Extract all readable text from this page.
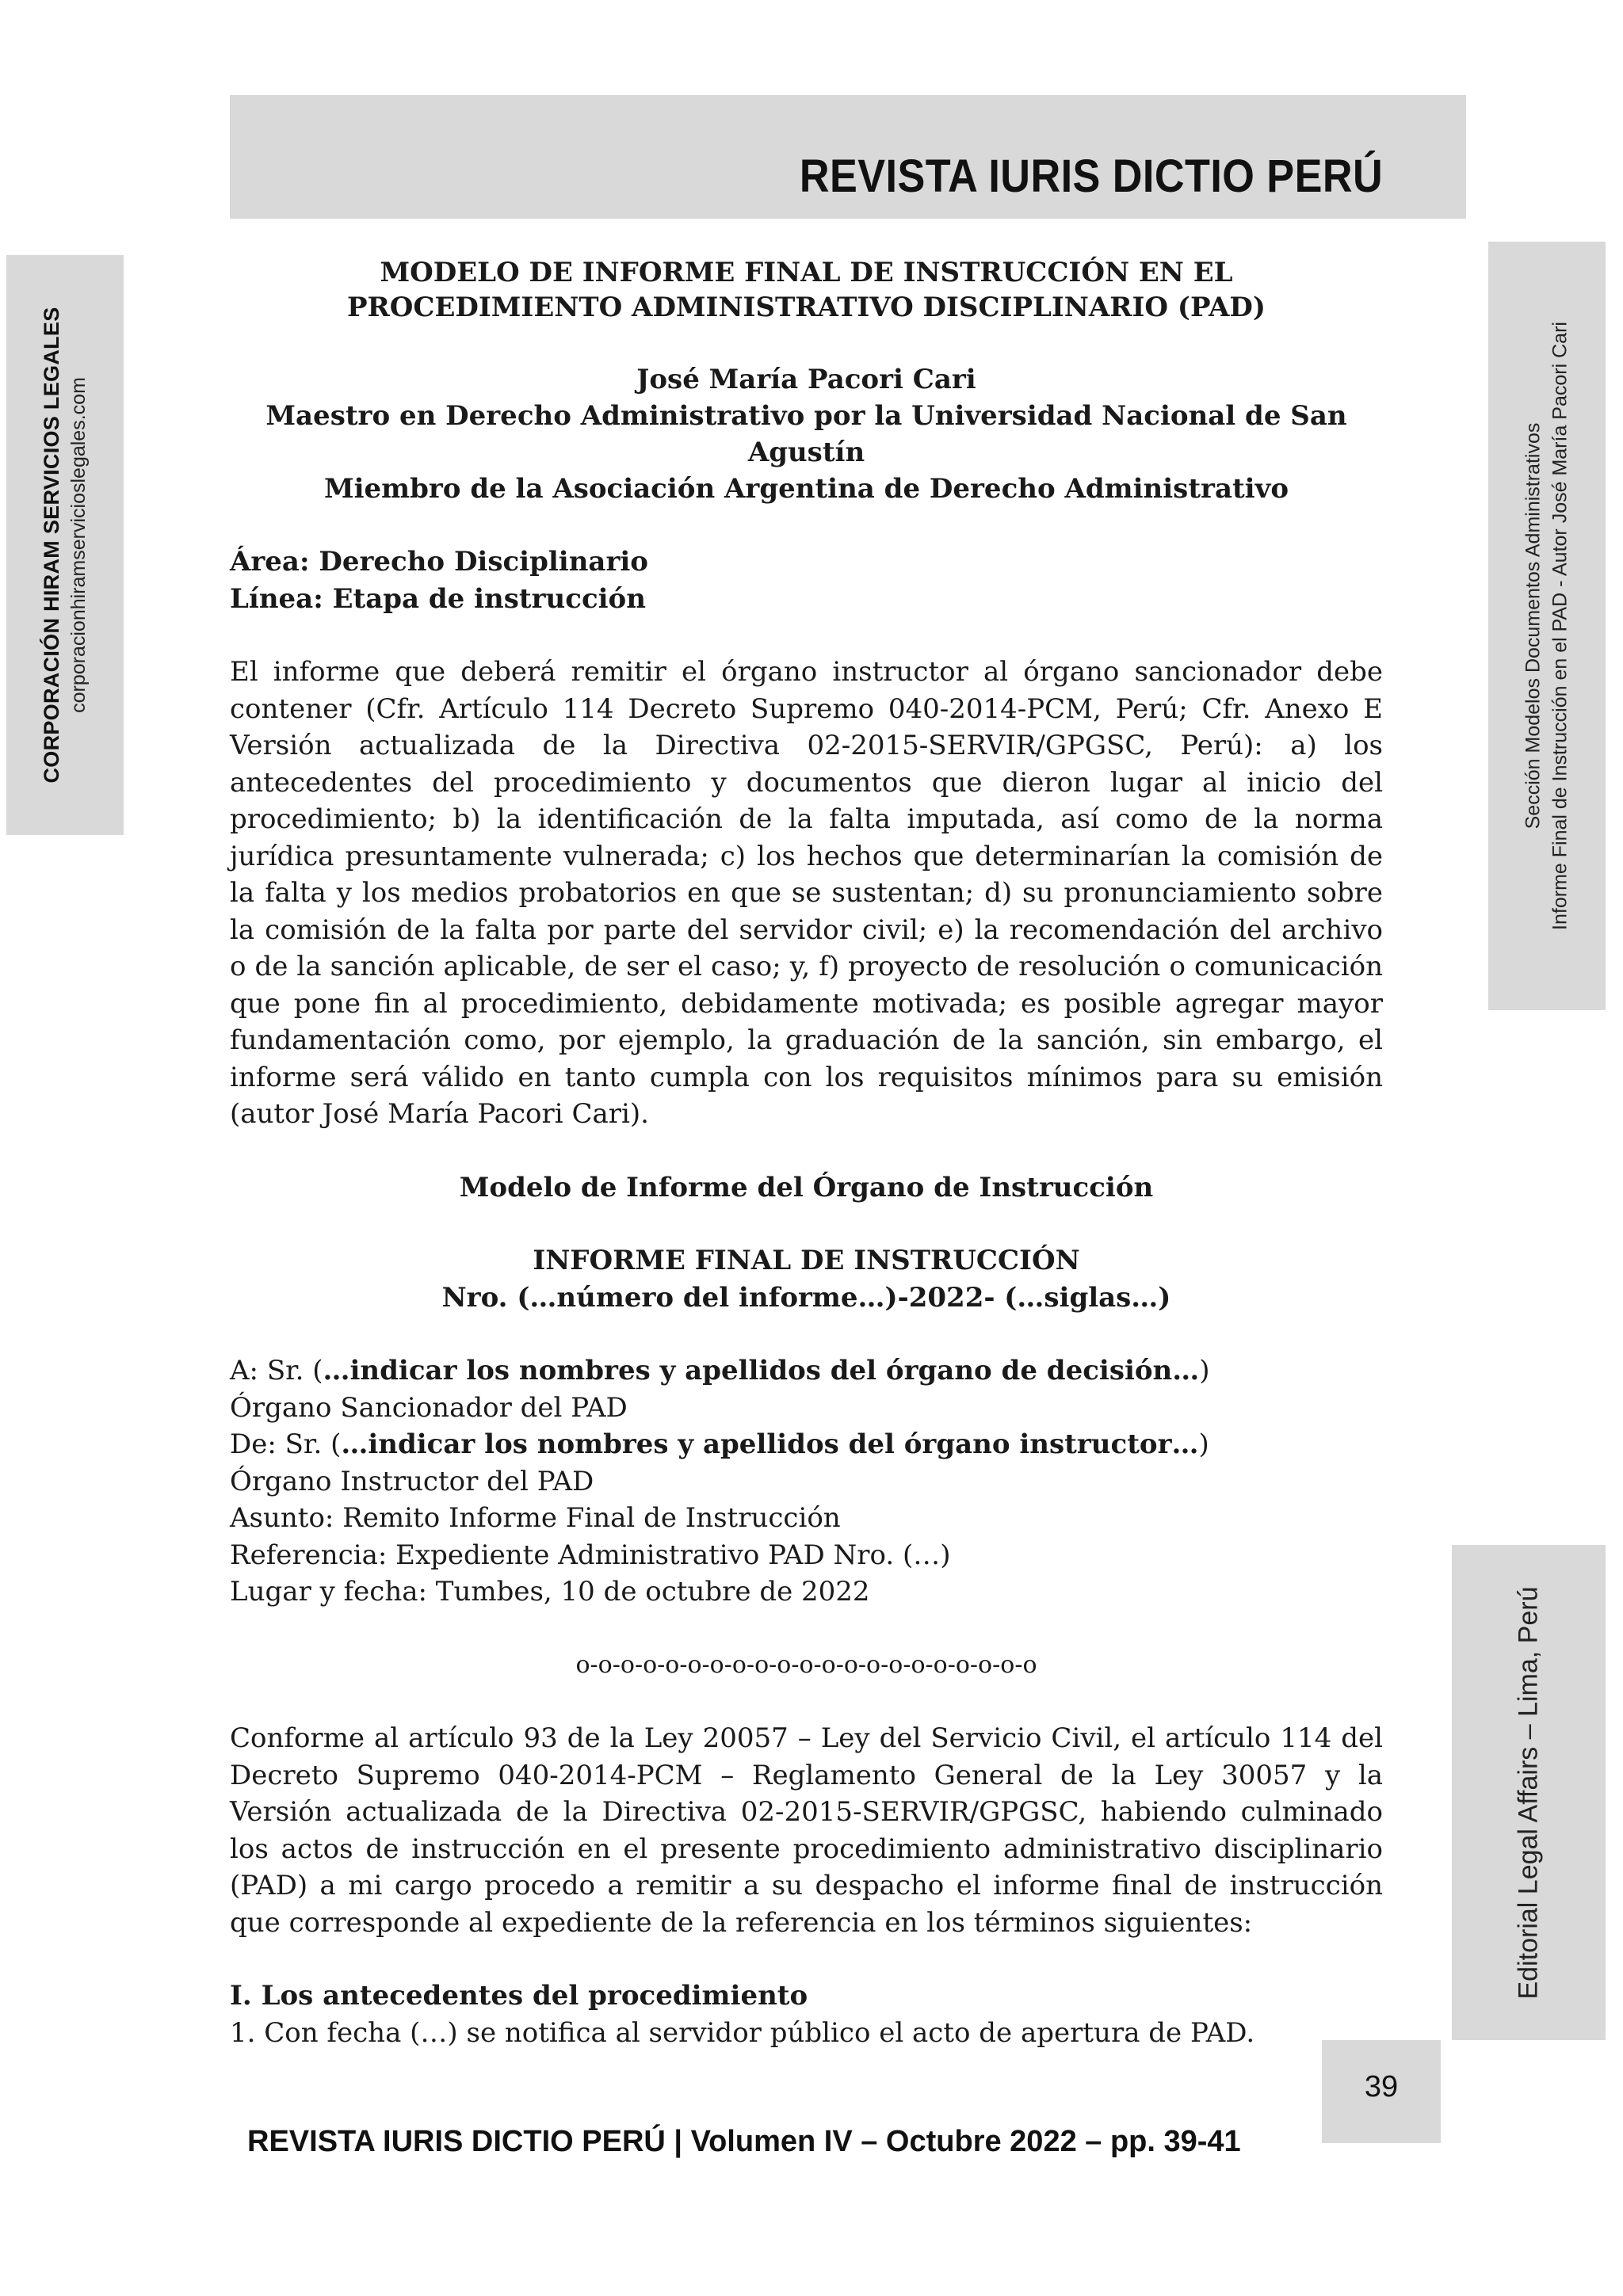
REVISTA IURIS DICTIO PERÚ
CORPORACIÓN HIRAM SERVICIOS LEGALES corporacionhiramservicioslegales.com	Sección Modelos Documentos Administrativos Informe Final de Instrucción en el PAD - Autor José María Pacori Cari
Editorial Legal Affairs – Lima, Perú
MODELO DE INFORME FINAL DE INSTRUCCIÓN EN EL
PROCEDIMIENTO ADMINISTRATIVO DISCIPLINARIO (PAD)
José María Pacori Cari
Maestro en Derecho Administrativo por la Universidad Nacional de San Agustín
Miembro de la Asociación Argentina de Derecho Administrativo
Área: Derecho Disciplinario
Línea: Etapa de instrucción

El informe que deberá remitir el órgano instructor al órgano sancionador debe contener (Cfr. Artículo 114 Decreto Supremo 040-2014-PCM, Perú; Cfr. Anexo E Versión actualizada de la Directiva 02-2015-SERVIR/GPGSC, Perú): a) los antecedentes del procedimiento y documentos que dieron lugar al inicio del procedimiento; b) la identificación de la falta imputada, así como de la norma jurídica presuntamente vulnerada; c) los hechos que determinarían la comisión de la falta y los medios probatorios en que se sustentan; d) su pronunciamiento sobre la comisión de la falta por parte del servidor civil; e) la recomendación del archivo o de la sanción aplicable, de ser el caso; y, f) proyecto de resolución o comunicación que pone fin al procedimiento, debidamente motivada; es posible agregar mayor fundamentación como, por ejemplo, la graduación de la sanción, sin embargo, el informe será válido en tanto cumpla con los requisitos mínimos para su emisión (autor José María Pacori Cari).

Modelo de Informe del Órgano de Instrucción
INFORME FINAL DE INSTRUCCIÓN
Nro. (…número del informe…)-2022- (…siglas…)
A: Sr. (…indicar los nombres y apellidos del órgano de decisión…)
Órgano Sancionador del PAD
De: Sr. (…indicar los nombres y apellidos del órgano instructor…)
Órgano Instructor del PAD
Asunto: Remito Informe Final de Instrucción
Referencia: Expediente Administrativo PAD Nro. (…)
Lugar y fecha: Tumbes, 10 de octubre de 2022
o-o-o-o-o-o-o-o-o-o-o-o-o-o-o-o-o-o-o-o-o

Conforme al artículo 93 de la Ley 20057 – Ley del Servicio Civil, el artículo 114 del Decreto Supremo 040-2014-PCM – Reglamento General de la Ley 30057 y la Versión actualizada de la Directiva 02-2015-SERVIR/GPGSC, habiendo culminado los actos de instrucción en el presente procedimiento administrativo disciplinario (PAD) a mi cargo procedo a remitir a su despacho el informe final de instrucción que corresponde al expediente de la referencia en los términos siguientes:

I. Los antecedentes del procedimiento
1. Con fecha (…) se notifica al servidor público el acto de apertura de PAD.
REVISTA IURIS DICTIO PERÚ | Volumen IV – Octubre 2022 – pp. 39-41
39
